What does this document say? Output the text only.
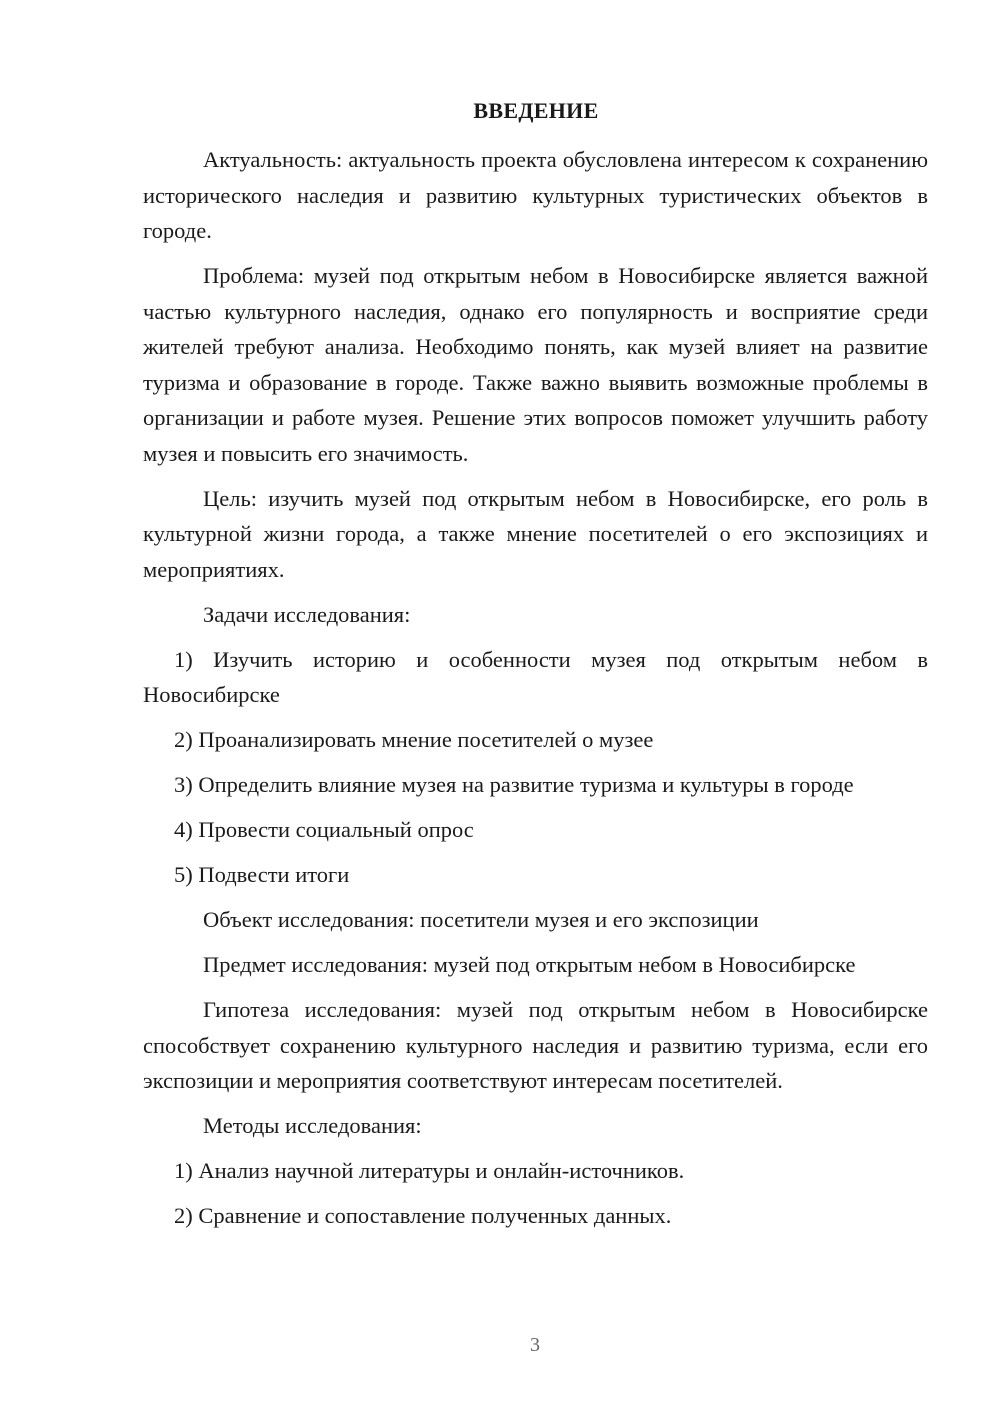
ВВЕДЕНИЕ

Актуальность: актуальность проекта обусловлена интересом к сохранению исторического наследия и развитию культурных туристических объектов в городе.

Проблема: музей под открытым небом в Новосибирске является важной частью культурного наследия, однако его популярность и восприятие среди жителей требуют анализа. Необходимо понять, как музей влияет на развитие туризма и образование в городе. Также важно выявить возможные проблемы в организации и работе музея. Решение этих вопросов поможет улучшить работу музея и повысить его значимость.

Цель: изучить музей под открытым небом в Новосибирске, его роль в культурной жизни города, а также мнение посетителей о его экспозициях и мероприятиях.

Задачи исследования:

1) Изучить историю и особенности музея под открытым небом в Новосибирске

2) Проанализировать мнение посетителей о музее

3) Определить влияние музея на развитие туризма и культуры в городе

4) Провести социальный опрос

5) Подвести итоги

Объект исследования: посетители музея и его экспозиции

Предмет исследования: музей под открытым небом в Новосибирске

Гипотеза исследования: музей под открытым небом в Новосибирске способствует сохранению культурного наследия и развитию туризма, если его экспозиции и мероприятия соответствуют интересам посетителей.

Методы исследования:

1) Анализ научной литературы и онлайн-источников.

2) Сравнение и сопоставление полученных данных.

3
